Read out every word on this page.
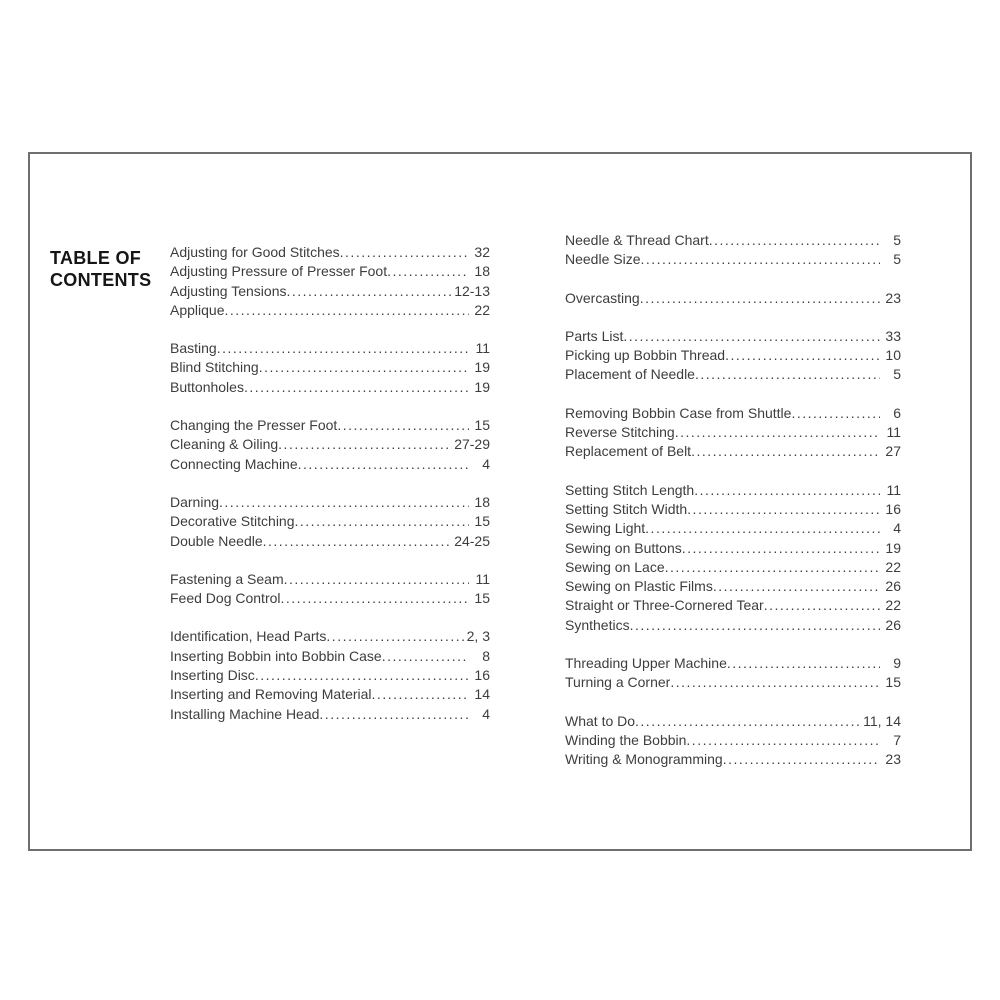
TABLE OF
CONTENTS
Adjusting for Good Stitches .....	32
Adjusting Pressure of Presser Foot .....	18
Adjusting Tensions .....	12-13
Applique .....	22
Basting .....	11
Blind Stitching .....	19
Buttonholes .....	19
Changing the Presser Foot .....	15
Cleaning & Oiling .....	27-29
Connecting Machine .....	4
Darning .....	18
Decorative Stitching .....	15
Double Needle .....	24-25
Fastening a Seam .....	11
Feed Dog Control .....	15
Identification, Head Parts .....	2, 3
Inserting Bobbin into Bobbin Case .....	8
Inserting Disc .....	16
Inserting and Removing Material .....	14
Installing Machine Head .....	4
Needle & Thread Chart .....	5
Needle Size .....	5
Overcasting .....	23
Parts List .....	33
Picking up Bobbin Thread .....	10
Placement of Needle .....	5
Removing Bobbin Case from Shuttle .....	6
Reverse Stitching .....	11
Replacement of Belt .....	27
Setting Stitch Length .....	11
Setting Stitch Width .....	16
Sewing Light .....	4
Sewing on Buttons .....	19
Sewing on Lace .....	22
Sewing on Plastic Films .....	26
Straight or Three-Cornered Tear .....	22
Synthetics .....	26
Threading Upper Machine .....	9
Turning a Corner .....	15
What to Do .....	11, 14
Winding the Bobbin .....	7
Writing & Monogramming .....	23
